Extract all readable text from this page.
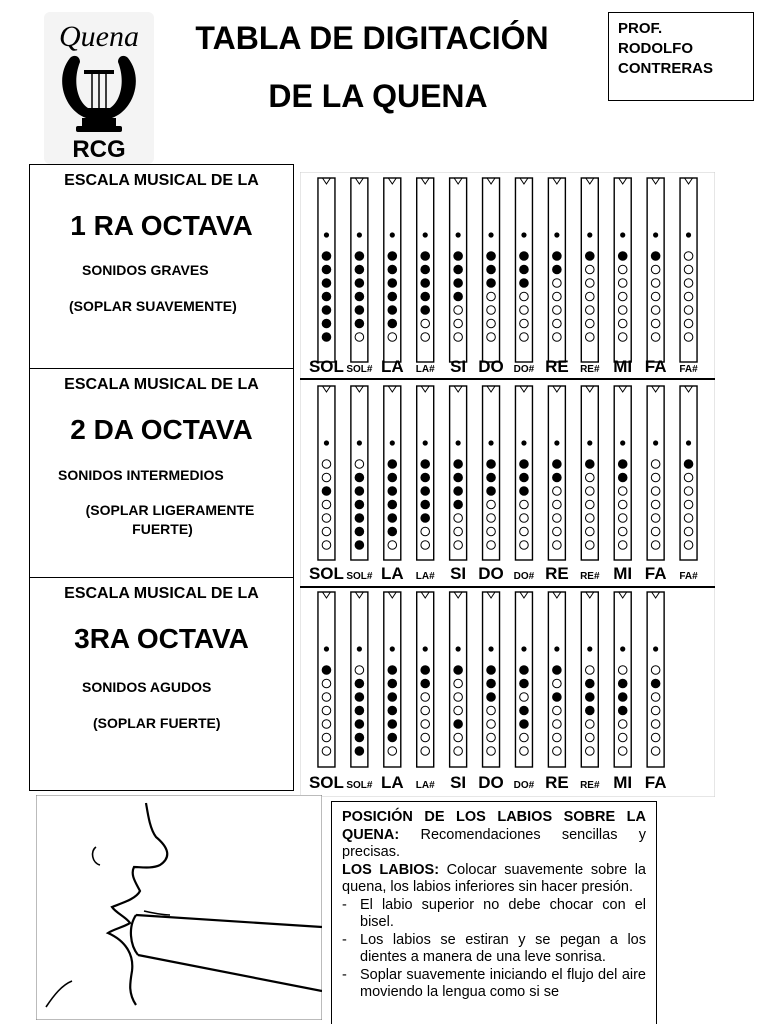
Quena
RCG
TABLA DE DIGITACIÓN
DE LA QUENA
PROF.
RODOLFO
CONTRERAS
ESCALA MUSICAL DE LA
1 RA OCTAVA
SONIDOS GRAVES
(SOPLAR SUAVEMENTE)
ESCALA MUSICAL DE LA
2 DA OCTAVA
SONIDOS INTERMEDIOS
(SOPLAR LIGERAMENTE
FUERTE)
ESCALA MUSICAL DE LA
3RA OCTAVA
SONIDOS AGUDOS
(SOPLAR FUERTE)
SOL SOL# LA LA# SI DO DO# RE RE# MI FA FA#
SOL SOL# LA LA# SI DO DO# RE RE# MI FA FA#
SOL SOL# LA LA# SI DO DO# RE RE# MI FA
POSICIÓN DE LOS LABIOS SOBRE LA QUENA: Recomendaciones sencillas y precisas.
LOS LABIOS: Colocar suavemente sobre la quena, los labios inferiores sin hacer presión.
- El labio superior no debe chocar con el bisel.
- Los labios se estiran y se pegan a los dientes a manera de una leve sonrisa.
- Soplar suavemente iniciando el flujo del aire moviendo la lengua como si se
